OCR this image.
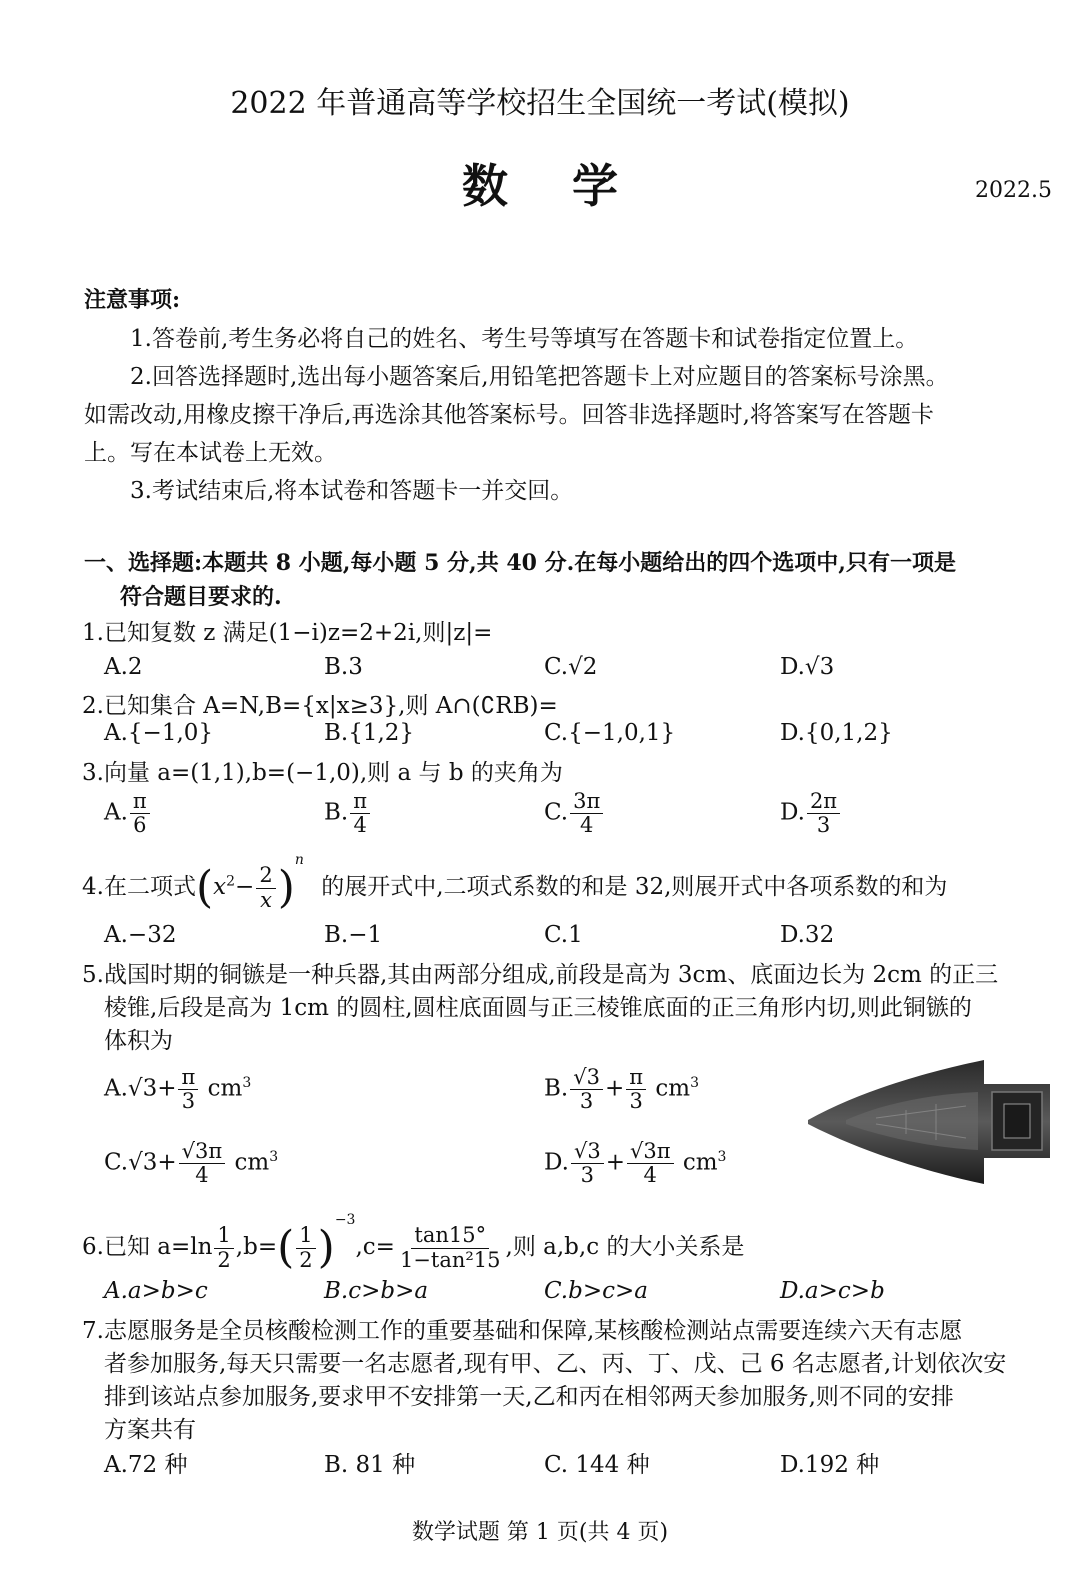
2022 年普通高等学校招生全国统一考试(模拟)
数学	2022.5
注意事项:
1.答卷前,考生务必将自己的姓名、考生号等填写在答题卡和试卷指定位置上。
2.回答选择题时,选出每小题答案后,用铅笔把答题卡上对应题目的答案标号涂黑。
如需改动,用橡皮擦干净后,再选涂其他答案标号。回答非选择题时,将答案写在答题卡
上。写在本试卷上无效。
3.考试结束后,将本试卷和答题卡一并交回。
一、选择题:本题共 8 小题,每小题 5 分,共 40 分.在每小题给出的四个选项中,只有一项是
符合题目要求的.
1.已知复数 z 满足(1−i)z=2+2i,则|z|=
A.2	B.3	C.√2	D.√3
2.已知集合 A=N,B={x|x≥3},则 A∩(∁RB)=
A.{−1,0}	B.{1,2}	C.{−1,0,1}	D.{0,1,2}
3.向量 a=(1,1),b=(−1,0),则 a 与 b 的夹角为
A. $\frac{\pi}{6}$	B. $\frac{\pi}{4}$	C. $\frac{3\pi}{4}$	D. $\frac{2\pi}{3}$
4.在二项式$(x^2- \frac{2}{x} )^n$ 的展开式中,二项式系数的和是 32,则展开式中各项系数的和为
A.−32	B.−1	C.1	D.32
5.战国时期的铜镞是一种兵器,其由两部分组成,前段是高为 3cm、底面边长为 2cm 的正三
棱锥,后段是高为 1cm 的圆柱,圆柱底面圆与正三棱锥底面的正三角形内切,则此铜镞的
体积为
$A.√3+ \frac{\pi}{3} cm^3$	B. $\frac{√3}{3} + \frac{\pi}{3} cm^3$
$C.√3+ \frac{√3\pi}{4} cm^3$	D. $\frac{√3}{3} + \frac{√3\pi}{4} cm^3$
6.已知 $a=\ln \frac{1}{2} ,b=( \frac{1}{2} )^{-3},c= \frac{\tan 15^\circ}{\text{1−tan²15}}$ ,则 a,b,c 的大小关系是
A.a>b>c	B.c>b>a	C.b>c>a	D.a>c>b
7.志愿服务是全员核酸检测工作的重要基础和保障,某核酸检测站点需要连续六天有志愿
者参加服务,每天只需要一名志愿者,现有甲、乙、丙、丁、戊、己 6 名志愿者,计划依次安
排到该站点参加服务,要求甲不安排第一天,乙和丙在相邻两天参加服务,则不同的安排
方案共有
A.72 种	B. 81 种	C. 144 种	D.192 种
数学试题 第 1 页(共 4 页)
